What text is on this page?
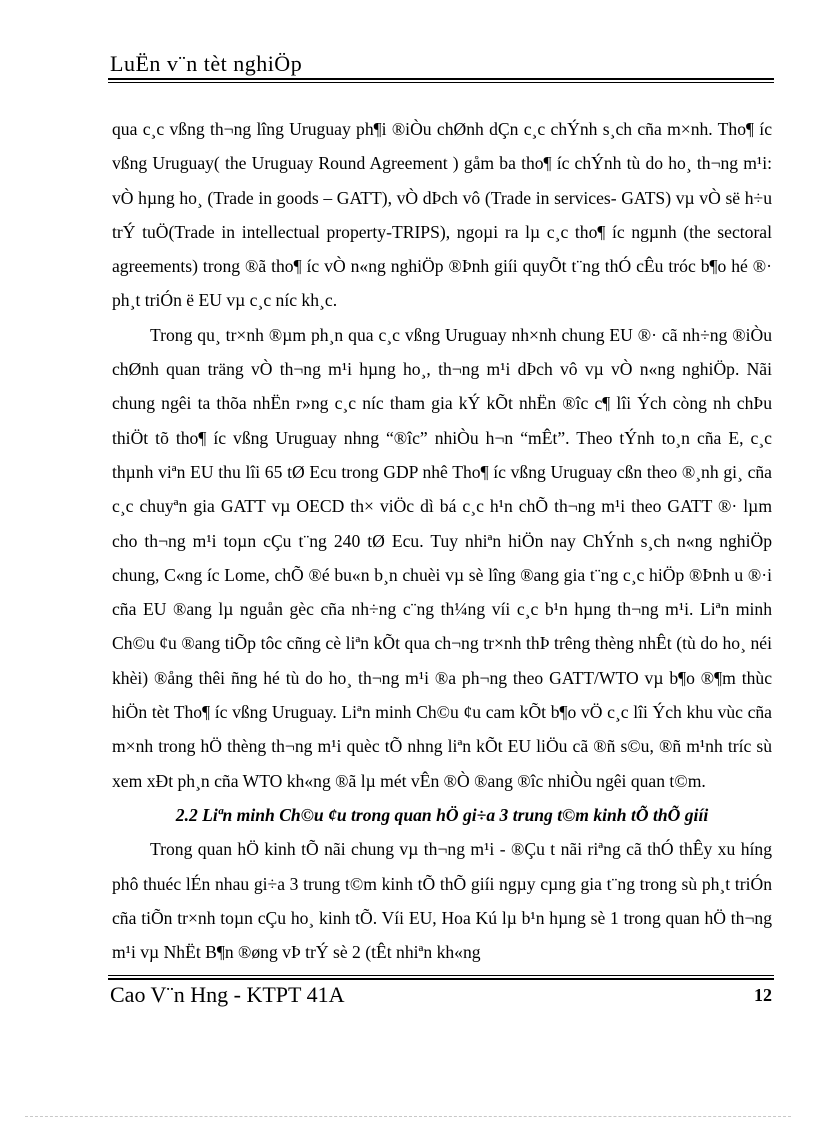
LuËn v¨n tèt nghiÖp

qua c¸c vßng th¬ng lîng Uruguay ph¶i ®iÒu chØnh dÇn c¸c chÝnh s¸ch cña m×nh. Tho¶ íc vßng Uruguay( the Uruguay Round Agreement ) gåm ba tho¶ íc chÝnh tù do ho¸ th¬ng m¹i: vÒ hµng ho¸ (Trade in goods – GATT), vÒ dÞch vô (Trade in services- GATS) vµ vÒ së h÷u trÝ tuÖ(Trade in intellectual property-TRIPS), ngoµi ra lµ c¸c tho¶ íc ngµnh (the sectoral agreements) trong ®ã tho¶ íc vÒ n«ng nghiÖp ®Þnh giíi quyÕt t¨ng thÓ cÊu tróc b¶o hé ®· ph¸t triÓn ë EU vµ c¸c níc kh¸c.

Trong qu¸ tr×nh ®µm ph¸n qua c¸c vßng Uruguay nh×nh chung EU ®· cã nh÷ng ®iÒu chØnh quan träng vÒ th¬ng m¹i hµng ho¸, th¬ng m¹i dÞch vô vµ vÒ n«ng nghiÖp. Nãi chung ngêi ta thõa nhËn r»ng c¸c níc tham gia kÝ kÕt nhËn ®îc c¶ lîi Ých còng nh chÞu thiÖt tõ tho¶ íc vßng Uruguay nhng “®îc” nhiÒu h¬n “mÊt”. Theo tÝnh to¸n cña E, c¸c thµnh viªn EU thu lîi 65 tØ Ecu trong GDP nhê Tho¶ íc vßng Uruguay cßn theo ®¸nh gi¸ cña c¸c chuyªn gia GATT vµ OECD th× viÖc dì bá c¸c h¹n chÕ th¬ng m¹i theo GATT ®· lµm cho th¬ng m¹i toµn cÇu t¨ng 240 tØ Ecu. Tuy nhiªn hiÖn nay ChÝnh s¸ch n«ng nghiÖp chung, C«ng íc Lome, chÕ ®é bu«n b¸n chuèi vµ sè lîng ®ang gia t¨ng c¸c hiÖp ®Þnh u ®·i cña EU ®ang lµ nguån gèc cña nh÷ng c¨ng th¼ng víi c¸c b¹n hµng th¬ng m¹i. Liªn minh Ch©u ¢u ®ang tiÕp tôc cñng cè liªn kÕt qua ch¬ng tr×nh thÞ trêng thèng nhÊt (tù do ho¸ néi khèi) ®ång thêi ñng hé tù do ho¸ th¬ng m¹i ®a ph¬ng theo GATT/WTO vµ b¶o ®¶m thùc hiÖn tèt Tho¶ íc vßng Uruguay. Liªn minh Ch©u ¢u cam kÕt b¶o vÖ c¸c lîi Ých khu vùc cña m×nh trong hÖ thèng th¬ng m¹i quèc tÕ nhng liªn kÕt EU liÖu cã ®ñ s©u, ®ñ m¹nh tríc sù xem xÐt ph¸n cña WTO kh«ng ®ã lµ mét vÊn ®Ò ®ang ®îc nhiÒu ngêi quan t©m.

2.2 Liªn minh Ch©u ¢u trong quan hÖ gi÷a 3 trung t©m kinh tÕ thÕ giíi

Trong quan hÖ kinh tÕ nãi chung vµ th¬ng m¹i - ®Çu t nãi riªng cã thÓ thÊy xu híng phô thuéc lÉn nhau gi÷a 3 trung t©m kinh tÕ thÕ giíi ngµy cµng gia t¨ng trong sù ph¸t triÓn cña tiÕn tr×nh toµn cÇu ho¸ kinh tÕ. Víi EU, Hoa Kú lµ b¹n hµng sè 1 trong quan hÖ th¬ng m¹i vµ NhËt B¶n ®øng vÞ trÝ sè 2 (tÊt nhiªn kh«ng

Cao V¨n Hng - KTPT 41A	12
